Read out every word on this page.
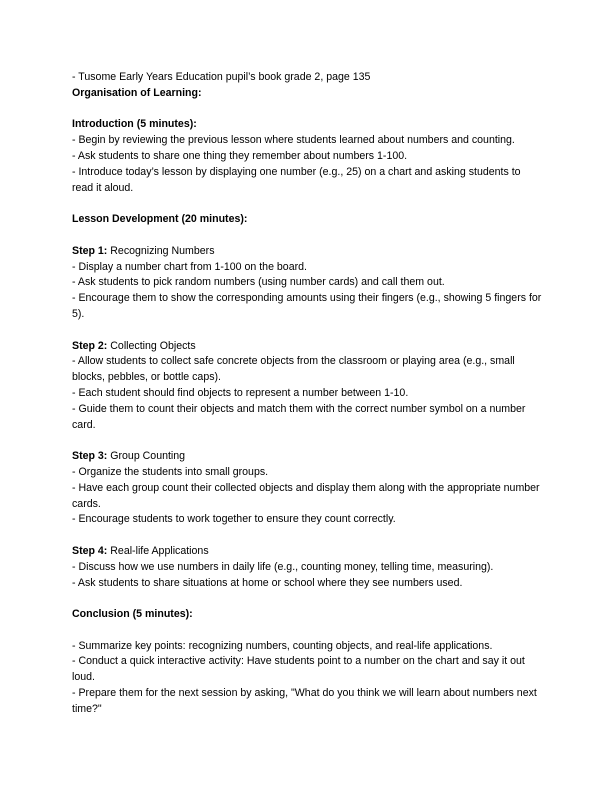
- Tusome Early Years Education pupil’s book grade 2, page 135

Organisation of Learning:

Introduction (5 minutes):

- Begin by reviewing the previous lesson where students learned about numbers and counting.

- Ask students to share one thing they remember about numbers 1-100.

- Introduce today’s lesson by displaying one number (e.g., 25) on a chart and asking students to read it aloud.

Lesson Development (20 minutes):

Step 1: Recognizing Numbers

- Display a number chart from 1-100 on the board.

- Ask students to pick random numbers (using number cards) and call them out.

- Encourage them to show the corresponding amounts using their fingers (e.g., showing 5 fingers for 5).

Step 2: Collecting Objects

- Allow students to collect safe concrete objects from the classroom or playing area (e.g., small blocks, pebbles, or bottle caps).

- Each student should find objects to represent a number between 1-10.

- Guide them to count their objects and match them with the correct number symbol on a number card.

Step 3: Group Counting

- Organize the students into small groups.

- Have each group count their collected objects and display them along with the appropriate number cards.

- Encourage students to work together to ensure they count correctly.

Step 4: Real-life Applications

- Discuss how we use numbers in daily life (e.g., counting money, telling time, measuring).

- Ask students to share situations at home or school where they see numbers used.

Conclusion (5 minutes):

- Summarize key points: recognizing numbers, counting objects, and real-life applications.

- Conduct a quick interactive activity: Have students point to a number on the chart and say it out loud.

- Prepare them for the next session by asking, "What do you think we will learn about numbers next time?"
